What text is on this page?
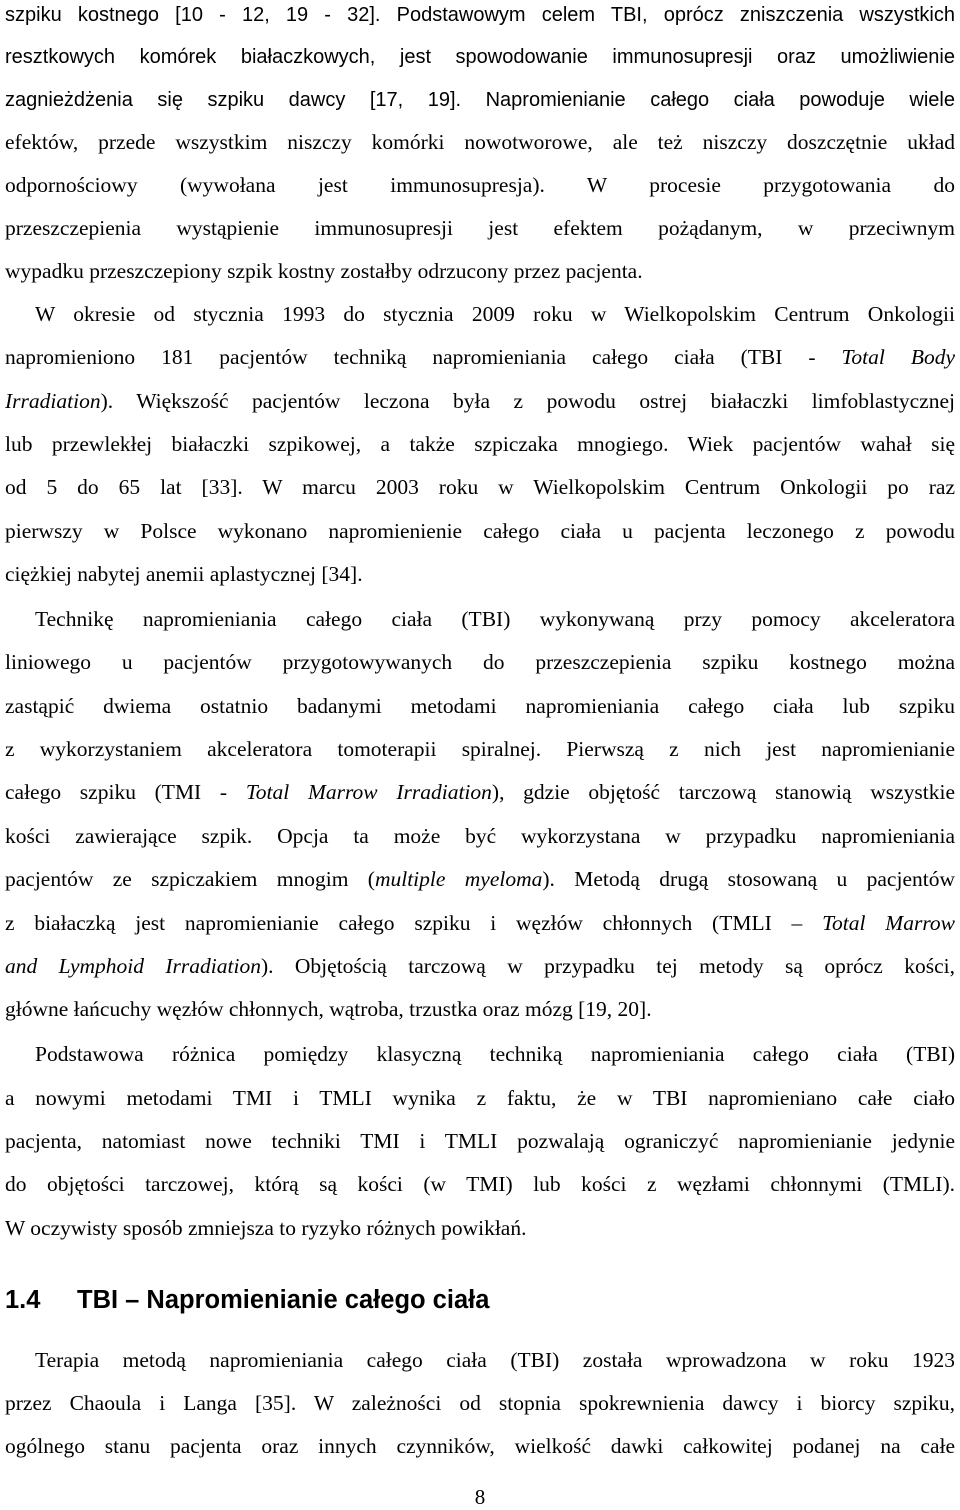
szpiku kostnego [10 - 12, 19 - 32]. Podstawowym celem TBI, oprócz zniszczenia wszystkich
resztkowych komórek białaczkowych, jest spowodowanie immunosupresji oraz umożliwienie
zagnieżdżenia się szpiku dawcy [17, 19]. Napromienianie całego ciała powoduje wiele
efektów, przede wszystkim niszczy komórki nowotworowe, ale też niszczy doszczętnie układ
odpornościowy (wywołana jest immunosupresja). W procesie przygotowania do
przeszczepienia wystąpienie immunosupresji jest efektem pożądanym, w przeciwnym
wypadku przeszczepiony szpik kostny zostałby odrzucony przez pacjenta.
W okresie od stycznia 1993 do stycznia 2009 roku w Wielkopolskim Centrum Onkologii
napromieniono 181 pacjentów techniką napromieniania całego ciała (TBI - Total Body
Irradiation). Większość pacjentów leczona była z powodu ostrej białaczki limfoblastycznej
lub przewlekłej białaczki szpikowej, a także szpiczaka mnogiego. Wiek pacjentów wahał się
od 5 do 65 lat [33]. W marcu 2003 roku w Wielkopolskim Centrum Onkologii po raz
pierwszy w Polsce wykonano napromienienie całego ciała u pacjenta leczonego z powodu
ciężkiej nabytej anemii aplastycznej [34].
Technikę napromieniania całego ciała (TBI) wykonywaną przy pomocy akceleratora
liniowego u pacjentów przygotowywanych do przeszczepienia szpiku kostnego można
zastąpić dwiema ostatnio badanymi metodami napromieniania całego ciała lub szpiku
z wykorzystaniem akceleratora tomoterapii spiralnej. Pierwszą z nich jest napromienianie
całego szpiku (TMI - Total Marrow Irradiation), gdzie objętość tarczową stanowią wszystkie
kości zawierające szpik. Opcja ta może być wykorzystana w przypadku napromieniania
pacjentów ze szpiczakiem mnogim (multiple myeloma). Metodą drugą stosowaną u pacjentów
z białaczką jest napromienianie całego szpiku i węzłów chłonnych (TMLI – Total Marrow
and Lymphoid Irradiation). Objętością tarczową w przypadku tej metody są oprócz kości,
główne łańcuchy węzłów chłonnych, wątroba, trzustka oraz mózg [19, 20].
Podstawowa różnica pomiędzy klasyczną techniką napromieniania całego ciała (TBI)
a nowymi metodami TMI i TMLI wynika z faktu, że w TBI napromieniano całe ciało
pacjenta, natomiast nowe techniki TMI i TMLI pozwalają ograniczyć napromienianie jedynie
do objętości tarczowej, którą są kości (w TMI) lub kości z węzłami chłonnymi (TMLI).
W oczywisty sposób zmniejsza to ryzyko różnych powikłań.
1.4 TBI – Napromienianie całego ciała
Terapia metodą napromieniania całego ciała (TBI) została wprowadzona w roku 1923
przez Chaoula i Langa [35]. W zależności od stopnia spokrewnienia dawcy i biorcy szpiku,
ogólnego stanu pacjenta oraz innych czynników, wielkość dawki całkowitej podanej na całe
8
